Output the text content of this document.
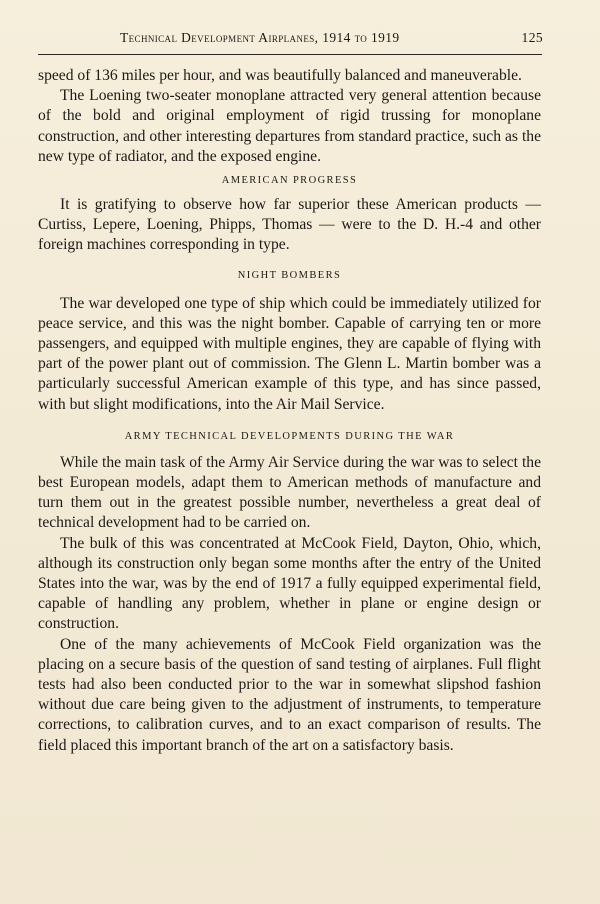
Technical Development Airplanes, 1914 to 1919	125

speed of 136 miles per hour, and was beautifully balanced and maneuverable.

The Loening two-seater monoplane attracted very general attention because of the bold and original employment of rigid trussing for monoplane construction, and other interesting departures from standard practice, such as the new type of radiator, and the exposed engine.

AMERICAN PROGRESS

It is gratifying to observe how far superior these American products — Curtiss, Lepere, Loening, Phipps, Thomas — were to the D. H.-4 and other foreign machines corresponding in type.

NIGHT BOMBERS

The war developed one type of ship which could be immediately utilized for peace service, and this was the night bomber. Capable of carrying ten or more passengers, and equipped with multiple engines, they are capable of flying with part of the power plant out of commission. The Glenn L. Martin bomber was a particularly successful American example of this type, and has since passed, with but slight modifications, into the Air Mail Service.

ARMY TECHNICAL DEVELOPMENTS DURING THE WAR

While the main task of the Army Air Service during the war was to select the best European models, adapt them to American methods of manufacture and turn them out in the greatest possible number, nevertheless a great deal of technical development had to be carried on.

The bulk of this was concentrated at McCook Field, Dayton, Ohio, which, although its construction only began some months after the entry of the United States into the war, was by the end of 1917 a fully equipped experimental field, capable of handling any problem, whether in plane or engine design or construction.

One of the many achievements of McCook Field organization was the placing on a secure basis of the question of sand testing of airplanes. Full flight tests had also been conducted prior to the war in somewhat slipshod fashion without due care being given to the adjustment of instruments, to temperature corrections, to calibration curves, and to an exact comparison of results. The field placed this important branch of the art on a satisfactory basis.
